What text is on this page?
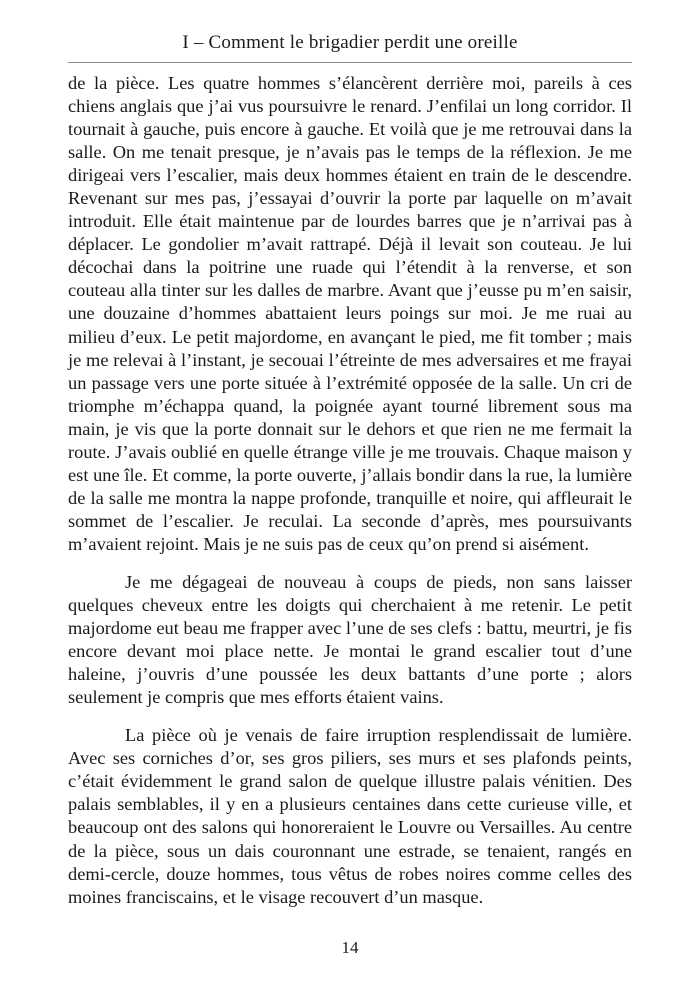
I – Comment le brigadier perdit une oreille

de la pièce. Les quatre hommes s’élancèrent derrière moi, pareils à ces chiens anglais que j’ai vus poursuivre le renard. J’enfilai un long corridor. Il tournait à gauche, puis encore à gauche. Et voilà que je me retrouvai dans la salle. On me tenait presque, je n’avais pas le temps de la réflexion. Je me dirigeai vers l’escalier, mais deux hommes étaient en train de le descendre. Revenant sur mes pas, j’essayai d’ouvrir la porte par laquelle on m’avait introduit. Elle était maintenue par de lourdes barres que je n’arrivai pas à déplacer. Le gondolier m’avait rattrapé. Déjà il levait son couteau. Je lui décochai dans la poitrine une ruade qui l’étendit à la renverse, et son couteau alla tinter sur les dalles de marbre. Avant que j’eusse pu m’en saisir, une douzaine d’hommes abattaient leurs poings sur moi. Je me ruai au milieu d’eux. Le petit majordome, en avançant le pied, me fit tomber ; mais je me relevai à l’instant, je secouai l’étreinte de mes adversaires et me frayai un passage vers une porte située à l’extrémité opposée de la salle. Un cri de triomphe m’échappa quand, la poignée ayant tourné librement sous ma main, je vis que la porte donnait sur le dehors et que rien ne me fermait la route. J’avais oublié en quelle étrange ville je me trouvais. Chaque maison y est une île. Et comme, la porte ouverte, j’allais bondir dans la rue, la lumière de la salle me montra la nappe profonde, tranquille et noire, qui affleurait le sommet de l’escalier. Je reculai. La seconde d’après, mes poursuivants m’avaient rejoint. Mais je ne suis pas de ceux qu’on prend si aisément.

Je me dégageai de nouveau à coups de pieds, non sans laisser quelques cheveux entre les doigts qui cherchaient à me retenir. Le petit majordome eut beau me frapper avec l’une de ses clefs : battu, meurtri, je fis encore devant moi place nette. Je montai le grand escalier tout d’une haleine, j’ouvris d’une poussée les deux battants d’une porte ; alors seulement je compris que mes efforts étaient vains.

La pièce où je venais de faire irruption resplendissait de lumière. Avec ses corniches d’or, ses gros piliers, ses murs et ses plafonds peints, c’était évidemment le grand salon de quelque illustre palais vénitien. Des palais semblables, il y en a plusieurs centaines dans cette curieuse ville, et beaucoup ont des salons qui honoreraient le Louvre ou Versailles. Au centre de la pièce, sous un dais couronnant une estrade, se tenaient, rangés en demi-cercle, douze hommes, tous vêtus de robes noires comme celles des moines franciscains, et le visage recouvert d’un masque.

14
